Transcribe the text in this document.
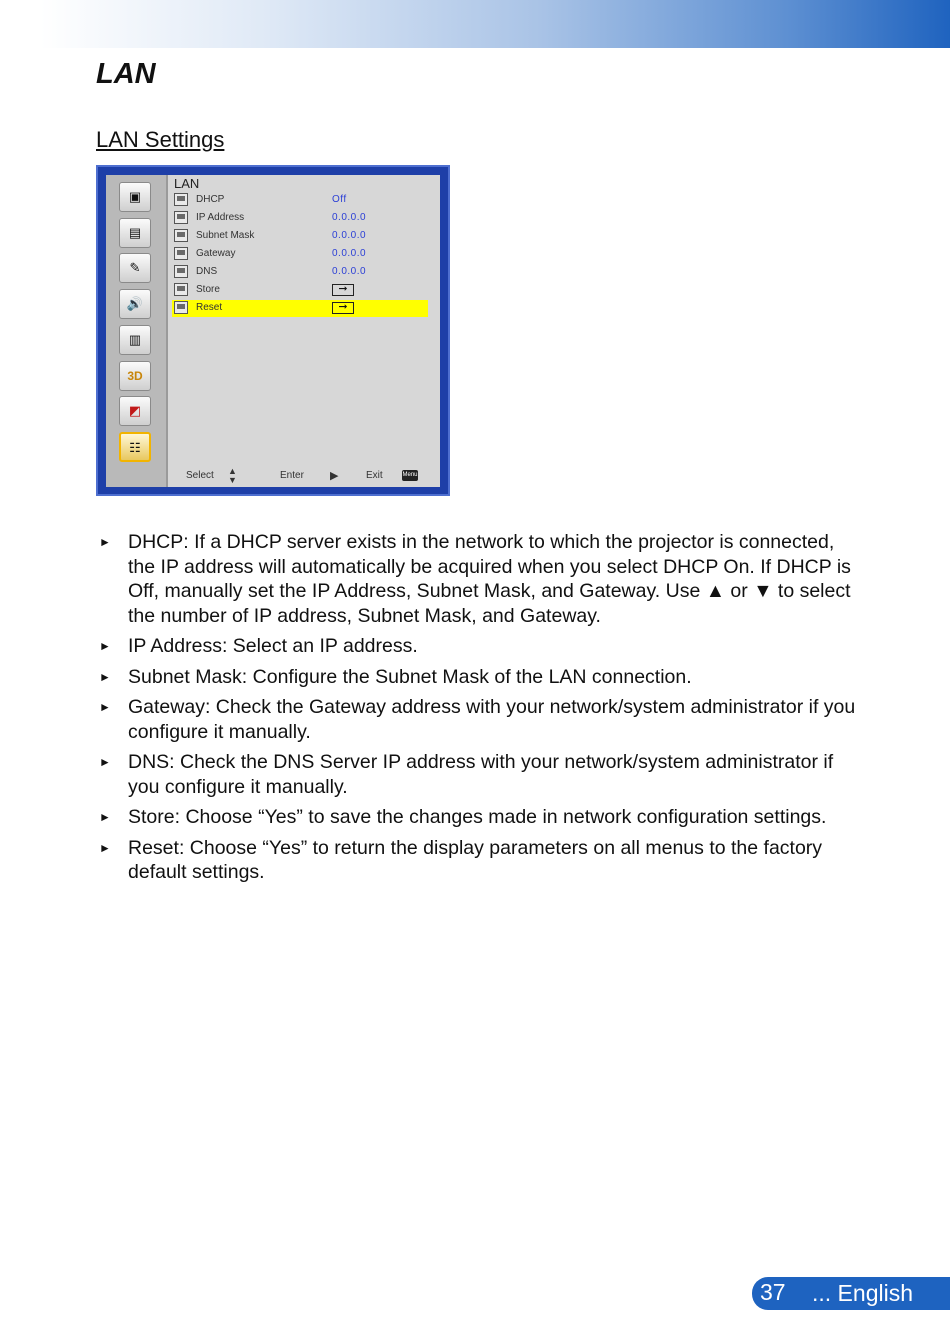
LAN
LAN Settings
▣
▤
✎
🔊
▥
3D
◩
☷
LAN
DHCP	Off
IP Address	0.0.0.0
Subnet Mask	0.0.0.0
Gateway	0.0.0.0
DNS	0.0.0.0
Store	➞
Reset	➞
Select ▲
▼	Enter ▶	Exit	Menu
► DHCP: If a DHCP server exists in the network to which the projector is connected, the IP address will automatically be acquired when you select DHCP On. If DHCP is Off, manually set the IP Address, Subnet Mask, and Gateway. Use ▲ or ▼ to select the number of IP address, Subnet Mask, and Gateway.
► IP Address: Select an IP address.
► Subnet Mask: Configure the Subnet Mask of the LAN connection.
► Gateway: Check the Gateway address with your network/system administrator if you configure it manually.
► DNS: Check the DNS Server IP address with your network/system administrator if you configure it manually.
► Store: Choose “Yes” to save the changes made in network configuration settings.
► Reset: Choose “Yes” to return the display parameters on all menus to the factory default settings.
37 ... English
